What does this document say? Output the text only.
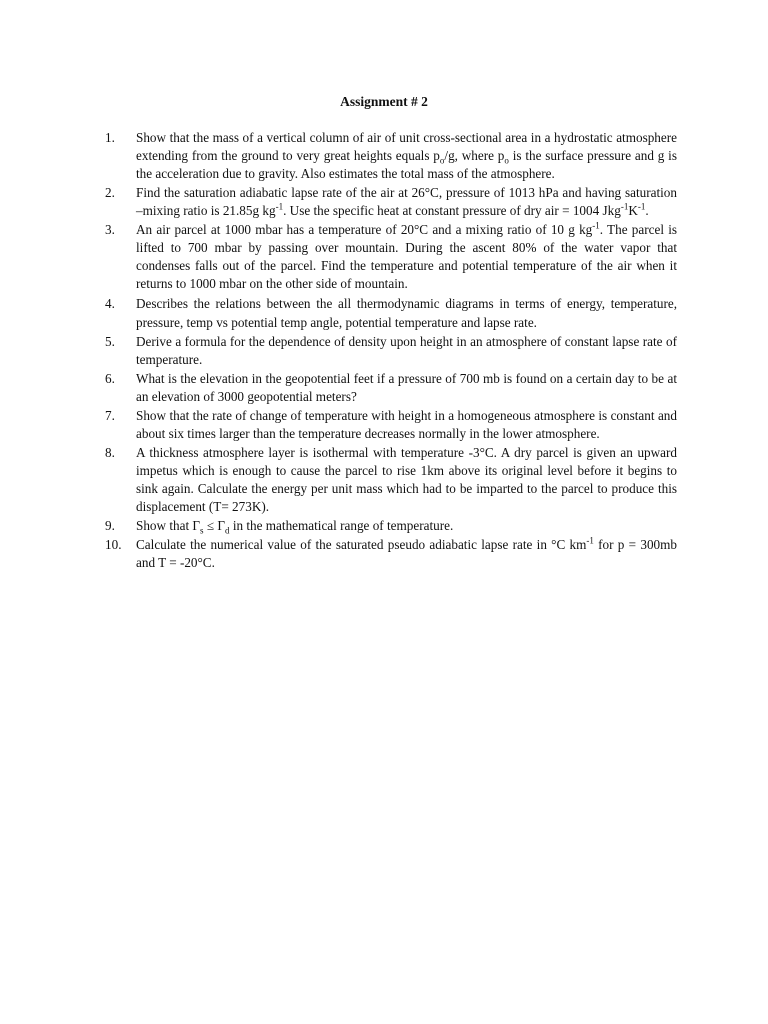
Assignment # 2
1.	Show that the mass of a vertical column of air of unit cross-sectional area in a hydrostatic atmosphere extending from the ground to very great heights equals $p_o/g$, where $p_o$ is the surface pressure and g is the acceleration due to gravity. Also estimates the total mass of the atmosphere.
2.	Find the saturation adiabatic lapse rate of the air at 26°C, pressure of 1013 hPa and having saturation –mixing ratio is 21.85g $kg^{-1}$. Use the specific heat at constant pressure of dry air = 1004 $Jkg^{-1}K^{-1}$.
3.	An air parcel at 1000 mbar has a temperature of 20°C and a mixing ratio of 10 g $kg^{-1}$. The parcel is lifted to 700 mbar by passing over mountain. During the ascent 80% of the water vapor that condenses falls out of the parcel. Find the temperature and potential temperature of the air when it returns to 1000 mbar on the other side of mountain.
4.	Describes the relations between the all thermodynamic diagrams in terms of energy, temperature, pressure, temp vs potential temp angle, potential temperature and lapse rate.
5.	Derive a formula for the dependence of density upon height in an atmosphere of constant lapse rate of temperature.
6.	What is the elevation in the geopotential feet if a pressure of 700 mb is found on a certain day to be at an elevation of 3000 geopotential meters?
7.	Show that the rate of change of temperature with height in a homogeneous atmosphere is constant and about six times larger than the temperature decreases normally in the lower atmosphere.
8.	A thickness atmosphere layer is isothermal with temperature -3°C. A dry parcel is given an upward impetus which is enough to cause the parcel to rise 1km above its original level before it begins to sink again. Calculate the energy per unit mass which had to be imparted to the parcel to produce this displacement (T= 273K).
9.	Show that $\Gamma_s \le \Gamma_d$ in the mathematical range of temperature.
10.	Calculate the numerical value of the saturated pseudo adiabatic lapse rate in °C $km^{-1}$ for p = 300mb and T = -20°C.
